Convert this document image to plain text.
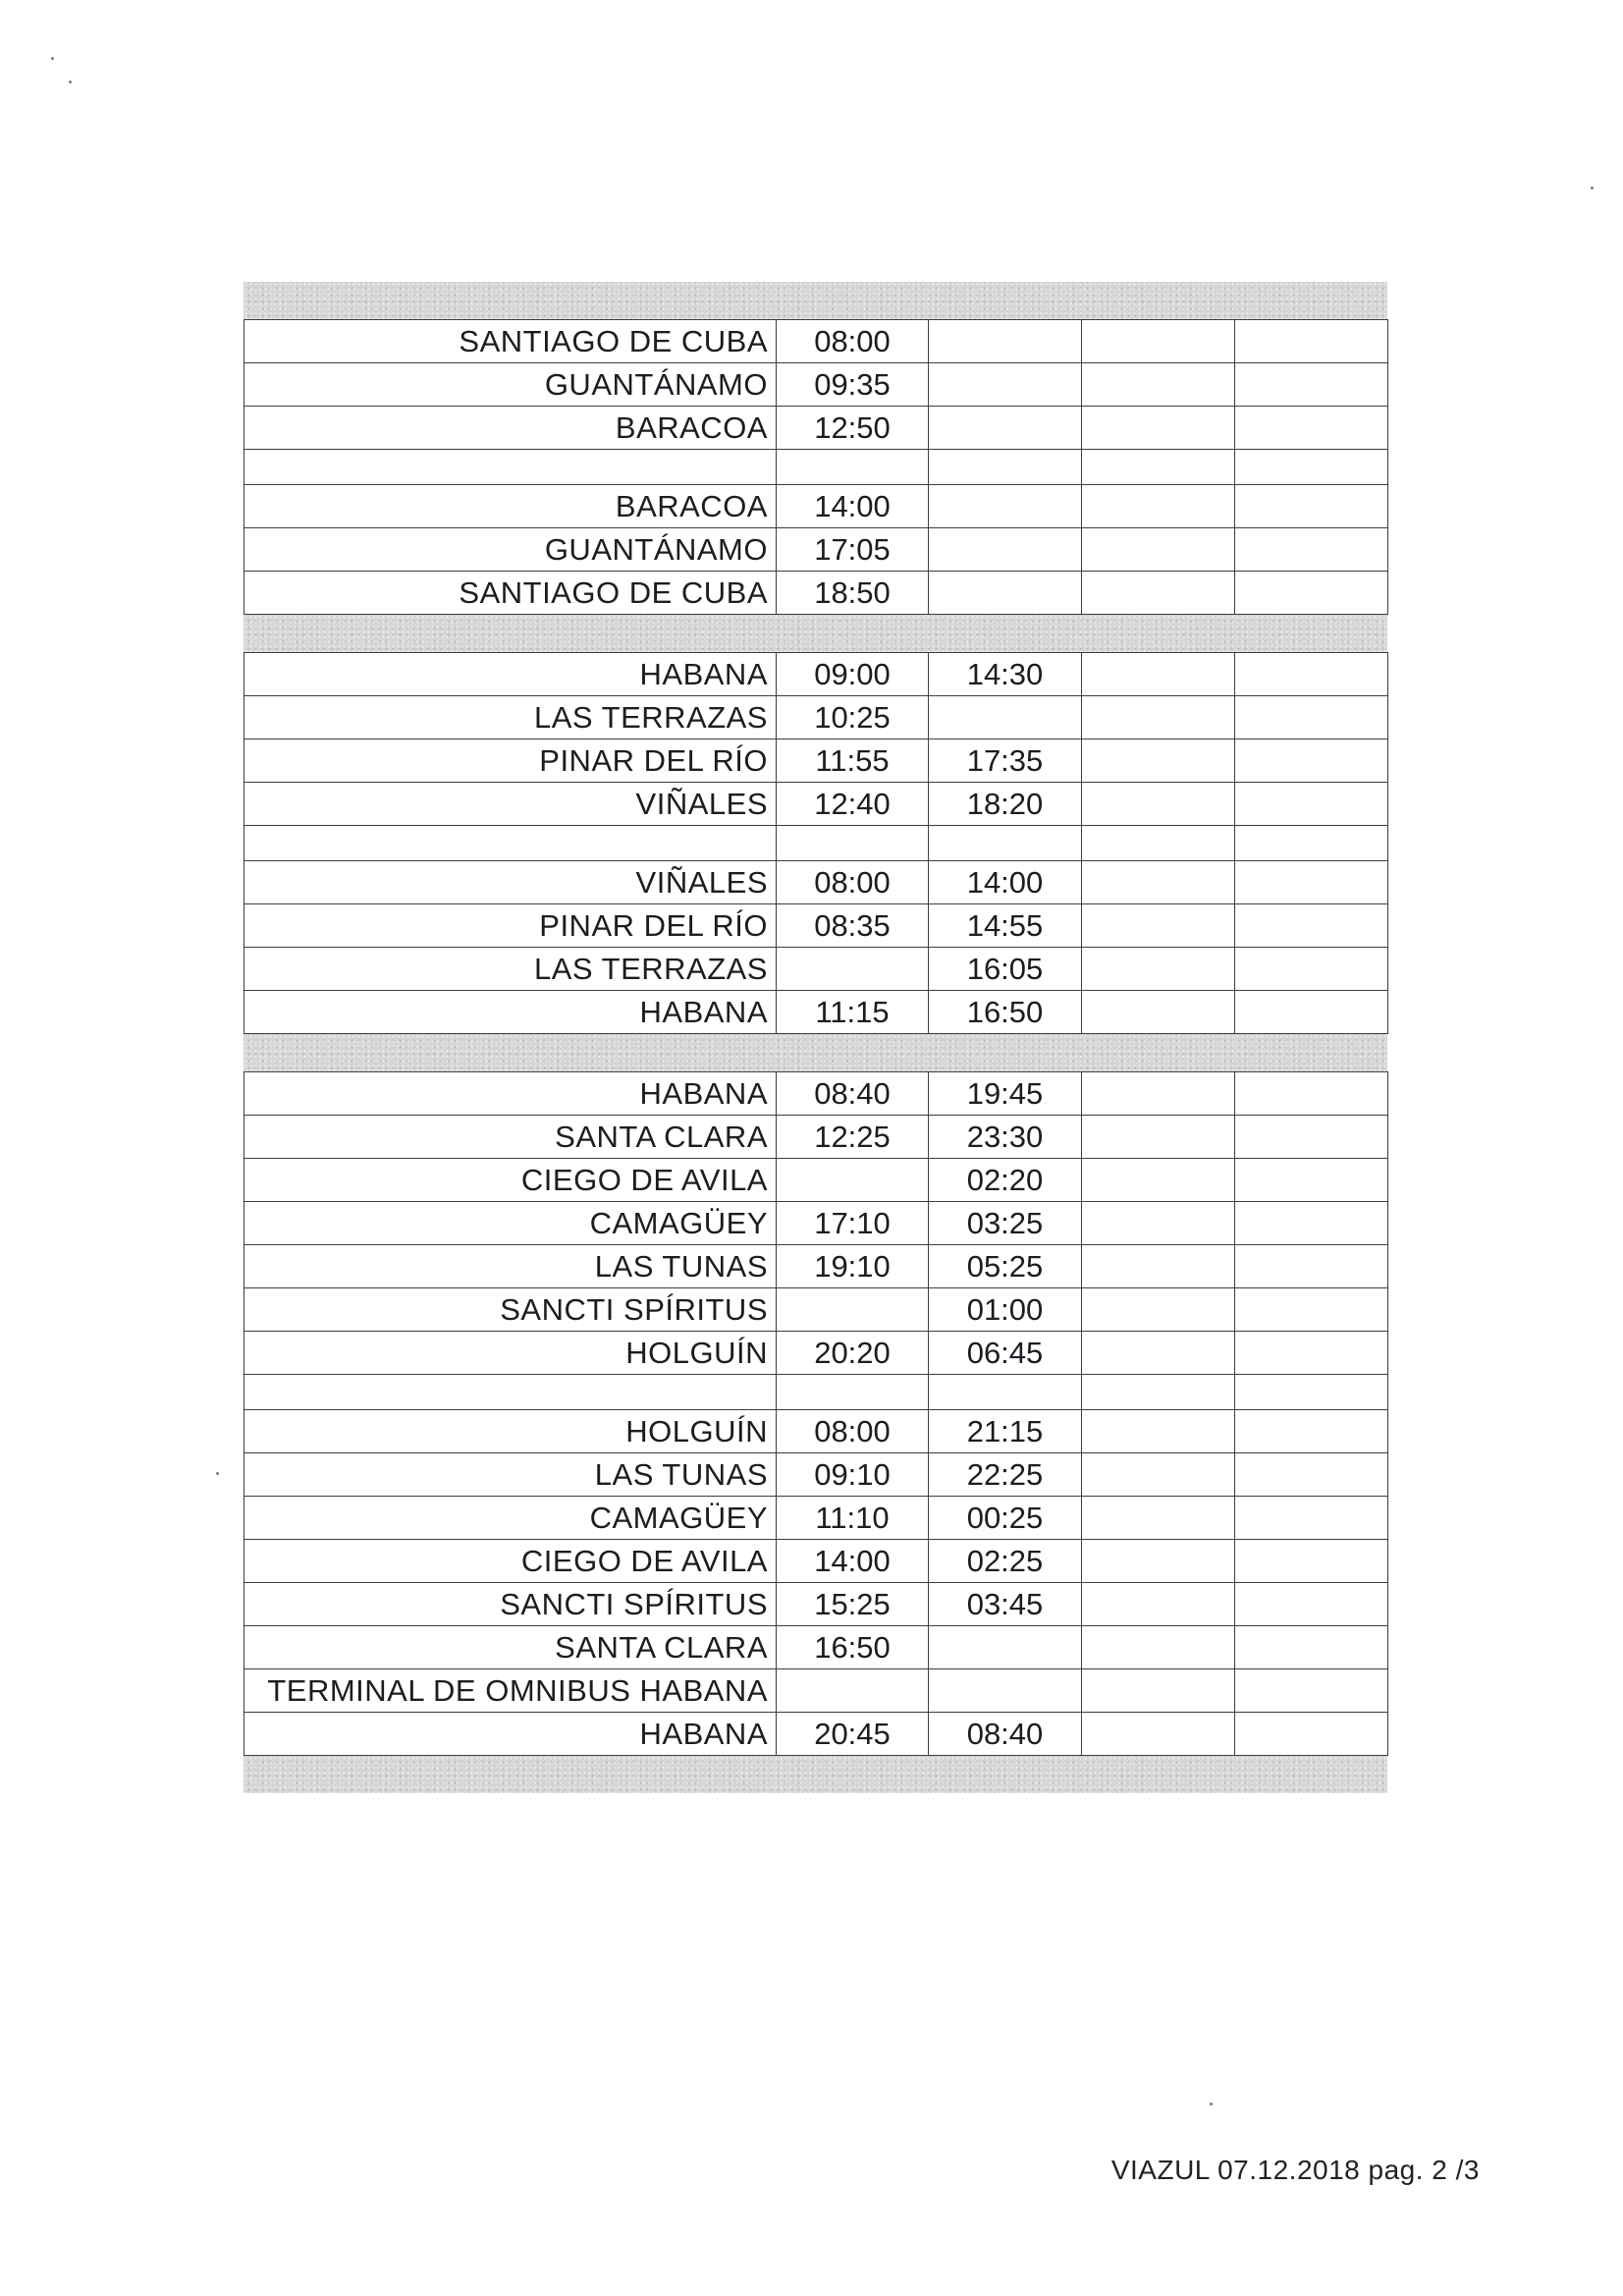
SANTIAGO DE CUBA	08:00			
GUANTÁNAMO	09:35			
BARACOA	12:50			

BARACOA	14:00			
GUANTÁNAMO	17:05			
SANTIAGO DE CUBA	18:50			
HABANA	09:00	14:30		
LAS TERRAZAS	10:25			
PINAR DEL RÍO	11:55	17:35		
VIÑALES	12:40	18:20		

VIÑALES	08:00	14:00		
PINAR DEL RÍO	08:35	14:55		
LAS TERRAZAS		16:05		
HABANA	11:15	16:50		
HABANA	08:40	19:45		
SANTA CLARA	12:25	23:30		
CIEGO DE AVILA		02:20		
CAMAGÜEY	17:10	03:25		
LAS TUNAS	19:10	05:25		
SANCTI SPÍRITUS		01:00		
HOLGUÍN	20:20	06:45		

HOLGUÍN	08:00	21:15		
LAS TUNAS	09:10	22:25		
CAMAGÜEY	11:10	00:25		
CIEGO DE AVILA	14:00	02:25		
SANCTI SPÍRITUS	15:25	03:45		
SANTA CLARA	16:50			
TERMINAL DE OMNIBUS HABANA				
HABANA	20:45	08:40		
VIAZUL 07.12.2018 pag. 2 /3
